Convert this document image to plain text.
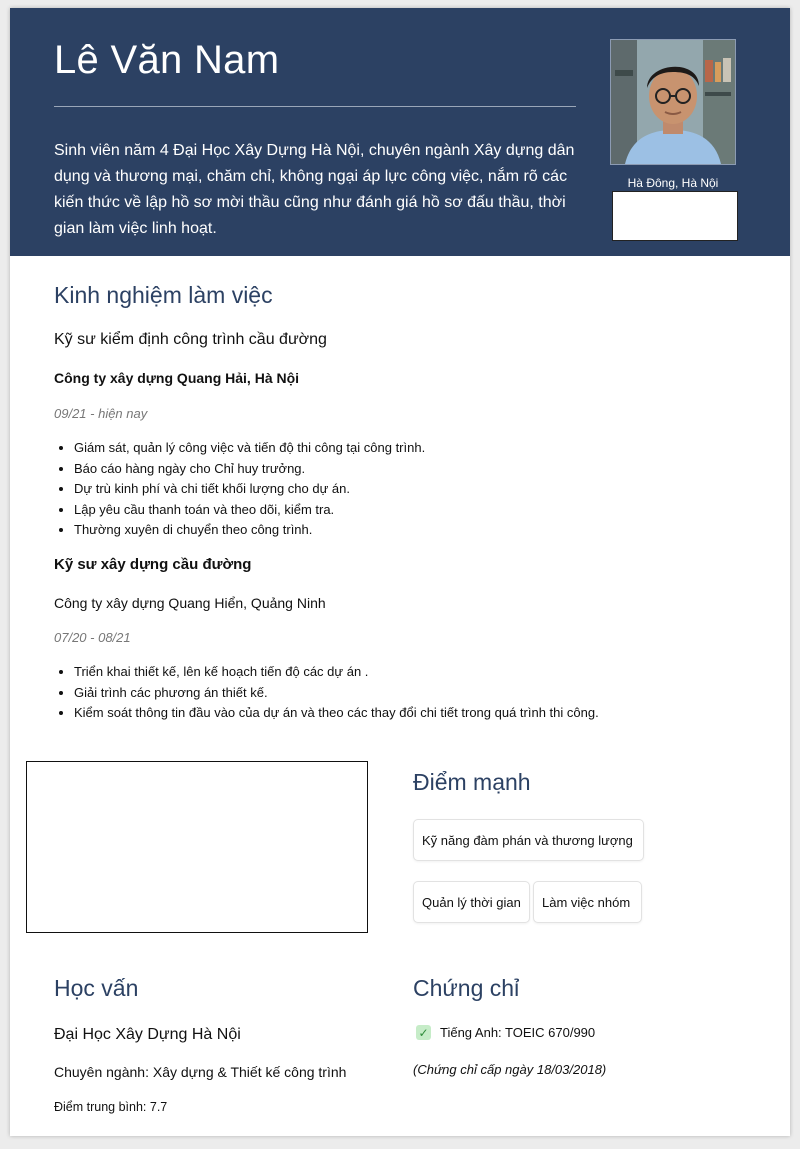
Lê Văn Nam
Sinh viên năm 4 Đại Học Xây Dựng Hà Nội, chuyên ngành Xây dựng dân dụng và thương mại, chăm chỉ, không ngại áp lực công việc, nắm rõ các kiến thức về lập hồ sơ mời thầu cũng như đánh giá hồ sơ đấu thầu, thời gian làm việc linh hoạt.
Hà Đông, Hà Nội
Kinh nghiệm làm việc
Kỹ sư kiểm định công trình cầu đường
Công ty xây dựng Quang Hải, Hà Nội
09/21 - hiện nay
• Giám sát, quản lý công việc và tiến độ thi công tại công trình.
• Báo cáo hàng ngày cho Chỉ huy trưởng.
• Dự trù kinh phí và chi tiết khối lượng cho dự án.
• Lập yêu cầu thanh toán và theo dõi, kiểm tra.
• Thường xuyên di chuyển theo công trình.
Kỹ sư xây dựng cầu đường
Công ty xây dựng Quang Hiển, Quảng Ninh
07/20 - 08/21
• Triển khai thiết kế, lên kế hoạch tiến độ các dự án .
• Giải trình các phương án thiết kế.
• Kiểm soát thông tin đầu vào của dự án và theo các thay đổi chi tiết trong quá trình thi công.
Điểm mạnh
Kỹ năng đàm phán và thương lượng
Quản lý thời gian	Làm việc nhóm
Học vấn
Đại Học Xây Dựng Hà Nội
Chuyên ngành: Xây dựng & Thiết kế công trình
Điểm trung bình: 7.7
Chứng chỉ
✓ Tiếng Anh: TOEIC 670/990
(Chứng chỉ cấp ngày 18/03/2018)
